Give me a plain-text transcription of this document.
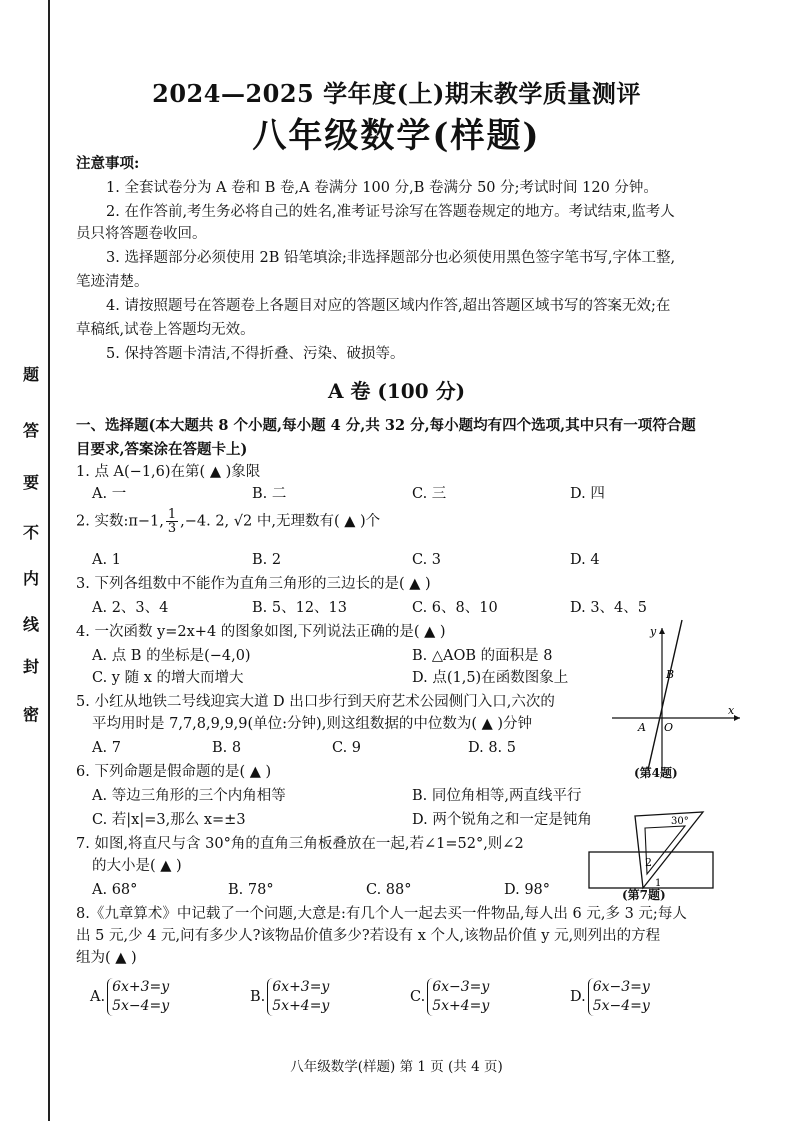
题
答
要
不
内
线
封
密
2024—2025 学年度(上)期末教学质量测评
八年级数学(样题)
注意事项:
1. 全套试卷分为 A 卷和 B 卷,A 卷满分 100 分,B 卷满分 50 分;考试时间 120 分钟。
2. 在作答前,考生务必将自己的姓名,准考证号涂写在答题卷规定的地方。考试结束,监考人
员只将答题卷收回。
3. 选择题部分必须使用 2B 铅笔填涂;非选择题部分也必须使用黑色签字笔书写,字体工整,
笔迹清楚。
4. 请按照题号在答题卷上各题目对应的答题区域内作答,超出答题区域书写的答案无效;在
草稿纸,试卷上答题均无效。
5. 保持答题卡清洁,不得折叠、污染、破损等。
A 卷 (100 分)
一、选择题(本大题共 8 个小题,每小题 4 分,共 32 分,每小题均有四个选项,其中只有一项符合题
目要求,答案涂在答题卡上)
1. 点 A(−1,6)在第( ▲ )象限
A. 一	B. 二	C. 三	D. 四
2. 实数:π−1, $\frac{1}{3} ,-4$. 2, √2 中,无理数有( ▲ )个
A. 1	B. 2	C. 3	D. 4
3. 下列各组数中不能作为直角三角形的三边长的是( ▲ )
A. 2、3、4	B. 5、12、13	C. 6、8、10	D. 3、4、5
4. 一次函数 y=2x+4 的图象如图,下列说法正确的是( ▲ )
A. 点 B 的坐标是(−4,0)	B. △AOB 的面积是 8
C. y 随 x 的增大而增大	D. 点(1,5)在函数图象上
5. 小红从地铁二号线迎宾大道 D 出口步行到天府艺术公园侧门入口,六次的
平均用时是 7,7,8,9,9,9(单位:分钟),则这组数据的中位数为( ▲ )分钟
A. 7	B. 8	C. 9	D. 8. 5
6. 下列命题是假命题的是( ▲ )
A. 等边三角形的三个内角相等	B. 同位角相等,两直线平行
C. 若|x|=3,那么 x=±3	D. 两个锐角之和一定是钝角
7. 如图,将直尺与含 30°角的直角三角板叠放在一起,若∠1=52°,则∠2
的大小是( ▲ )
A. 68°	B. 78°	C. 88°	D. 98°
8.《九章算术》中记载了一个问题,大意是:有几个人一起去买一件物品,每人出 6 元,多 3 元;每人
出 5 元,少 4 元,问有多少人?该物品价值多少?若设有 x 个人,该物品价值 y 元,则列出的方程
组为( ▲ )
A.6x+3=y
5x−4=y
B.6x+3=y
5x+4=y
C.6x−3=y
5x+4=y
D.6x−3=y
5x−4=y
y
x
A O
B
(第4题)
30°
2
1
(第7题)
八年级数学(样题) 第 1 页 (共 4 页)
